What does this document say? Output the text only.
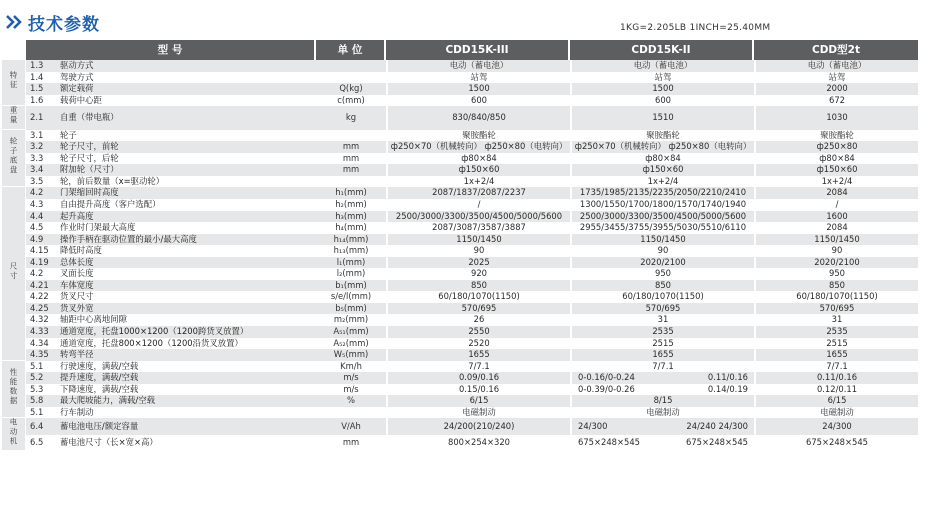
技术参数	1KG=2.205LB 1INCH=25.40MM
	型 号		单 位	CDD15K-III	CDD15K-II	CDD型2t
特征	1.3	驱动方式		电动（蓄电池）	电动（蓄电池）	电动（蓄电池）
	1.4	驾驶方式		站驾	站驾	站驾
	1.5	额定载荷	Q(kg)	1500	1500	2000
	1.6	载荷中心距	c(mm)	600	600	672
重量	2.1	自重（带电瓶）	kg	830/840/850	1510	1030
轮子底盘	3.1	轮子		聚胺酯轮	聚胺酯轮	聚胺酯轮
	3.2	轮子尺寸，前轮	mm	ф250×70（机械转向） ф250×80（电转向）	ф250×70（机械转向） ф250×80（电转向）	ф250×80
	3.3	轮子尺寸，后轮	mm	ф80×84	ф80×84	ф80×84
	3.4	附加轮（尺寸）	mm	ф150×60	ф150×60	ф150×60
	3.5	轮，前后数量（x=驱动轮）		1x+2/4	1x+2/4	1x+2/4
尺寸	4.2	门架缩回时高度	h₁(mm)	2087/1837/2087/2237	1735/1985/2135/2235/2050/2210/2410	2084
	4.3	自由提升高度（客户选配）	h₂(mm)	/	1300/1550/1700/1800/1570/1740/1940	/
	4.4	起升高度	h₃(mm)	2500/3000/3300/3500/4500/5000/5600	2500/3000/3300/3500/4500/5000/5600	1600
	4.5	作业时门架最大高度	h₄(mm)	2087/3087/3587/3887	2955/3455/3755/3955/5030/5510/6110	2084
	4.9	操作手柄在驱动位置的最小/最大高度	h₁₄(mm)	1150/1450	1150/1450	1150/1450
	4.15	降低时高度	h₁₃(mm)	90	90	90
	4.19	总体长度	l₁(mm)	2025	2020/2100	2020/2100
	4.2	叉面长度	l₂(mm)	920	950	950
	4.21	车体宽度	b₁(mm)	850	850	850
	4.22	货叉尺寸	s/e/l(mm)	60/180/1070(1150)	60/180/1070(1150)	60/180/1070(1150)
	4.25	货叉外宽	b₅(mm)	570/695	570/695	570/695
	4.32	轴距中心离地间隙	m₂(mm)	26	31	31
	4.33	通道宽度，托盘1000×1200（1200跨货叉放置）	A₅₁(mm)	2550	2535	2535
	4.34	通道宽度，托盘800×1200（1200沿货叉放置）	A₅₂(mm)	2520	2515	2515
	4.35	转弯半径	W₅(mm)	1655	1655	1655
性能数据	5.1	行驶速度，满载/空载	Km/h	7/7.1	7/7.1	7/7.1
	5.2	提升速度，满载/空载	m/s	0.09/0.16	0-0.16/0-0.24 0.11/0.16	0.11/0.16
	5.3	下降速度，满载/空载	m/s	0.15/0.16	0-0.39/0-0.26 0.14/0.19	0.12/0.11
	5.8	最大爬坡能力，满载/空载	%	6/15	8/15	6/15
	5.1	行车制动		电磁制动	电磁制动	电磁制动
电动机	6.4	蓄电池电压/额定容量	V/Ah	24/200(210/240)	24/300 24/240 24/300	24/300
	6.5	蓄电池尺寸（长×宽×高）	mm	800×254×320	675×248×545 675×248×545	675×248×545
